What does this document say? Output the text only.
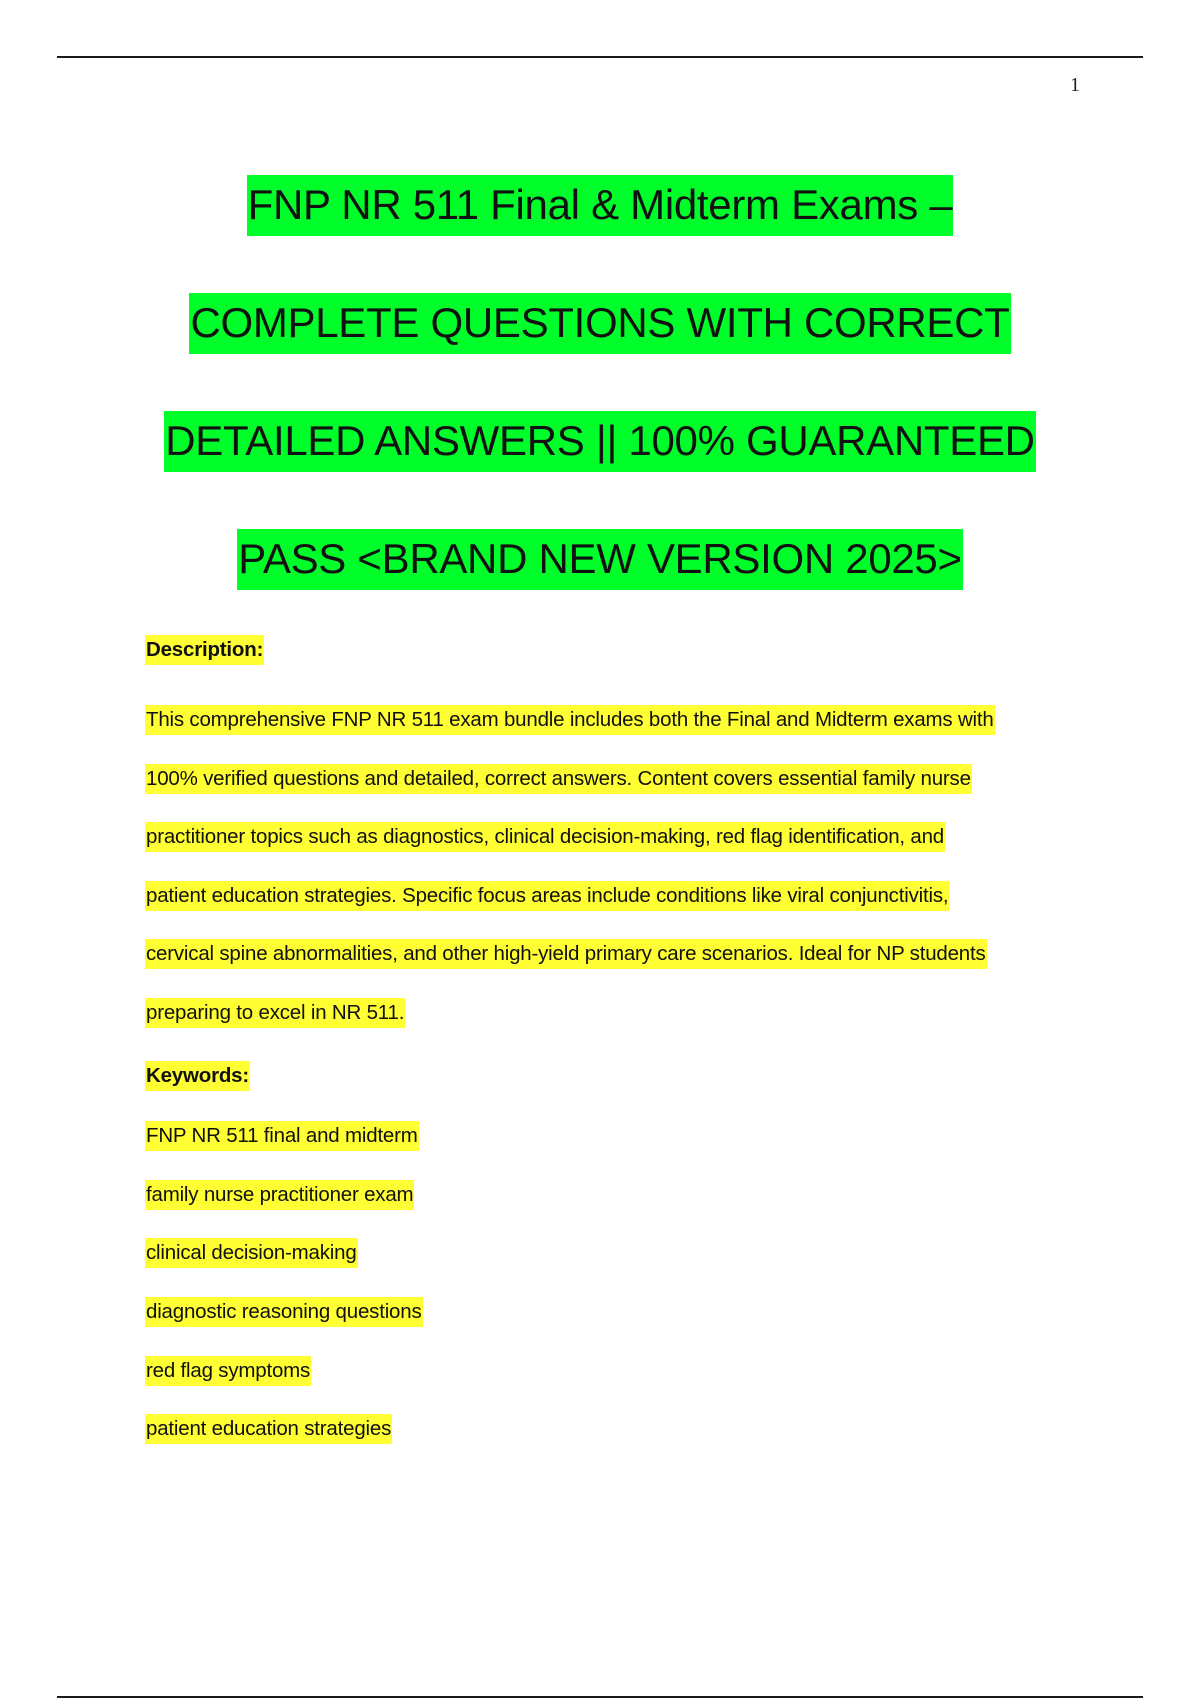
1
FNP NR 511 Final & Midterm Exams –
COMPLETE QUESTIONS WITH CORRECT
DETAILED ANSWERS || 100% GUARANTEED
PASS <BRAND NEW VERSION 2025>
Description:
This comprehensive FNP NR 511 exam bundle includes both the Final and Midterm exams with
100% verified questions and detailed, correct answers. Content covers essential family nurse
practitioner topics such as diagnostics, clinical decision-making, red flag identification, and
patient education strategies. Specific focus areas include conditions like viral conjunctivitis,
cervical spine abnormalities, and other high-yield primary care scenarios. Ideal for NP students
preparing to excel in NR 511.
Keywords:
FNP NR 511 final and midterm
family nurse practitioner exam
clinical decision-making
diagnostic reasoning questions
red flag symptoms
patient education strategies
